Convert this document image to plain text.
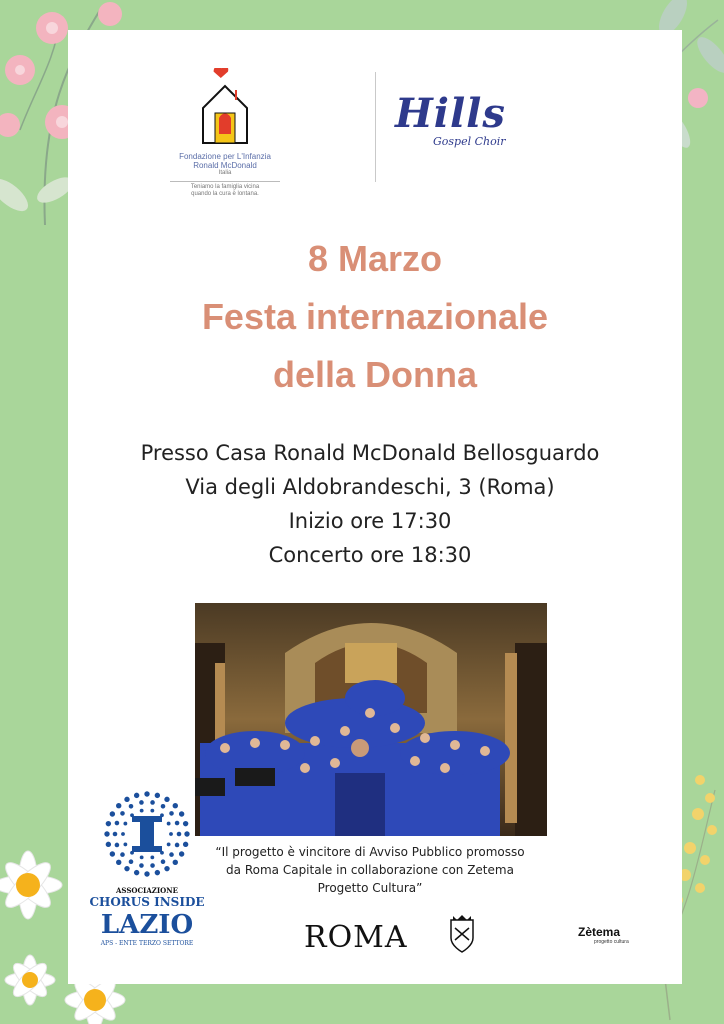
Fondazione per L'Infanzia
Ronald McDonald
Italia
Teniamo la famiglia vicina
quando la cura è lontana.
Hills
Gospel Choir
8 Marzo
Festa internazionale
della Donna
Presso Casa Ronald McDonald Bellosguardo
Via degli Aldobrandeschi, 3 (Roma)
Inizio ore 17:30
Concerto ore 18:30
ASSOCIAZIONE
CHORUS INSIDE
LAZIO
APS - ENTE TERZO SETTORE
“Il progetto è vincitore di Avviso Pubblico promosso
da Roma Capitale in collaborazione con Zetema
Progetto Cultura”
ROMA	Zètema
progetto cultura
